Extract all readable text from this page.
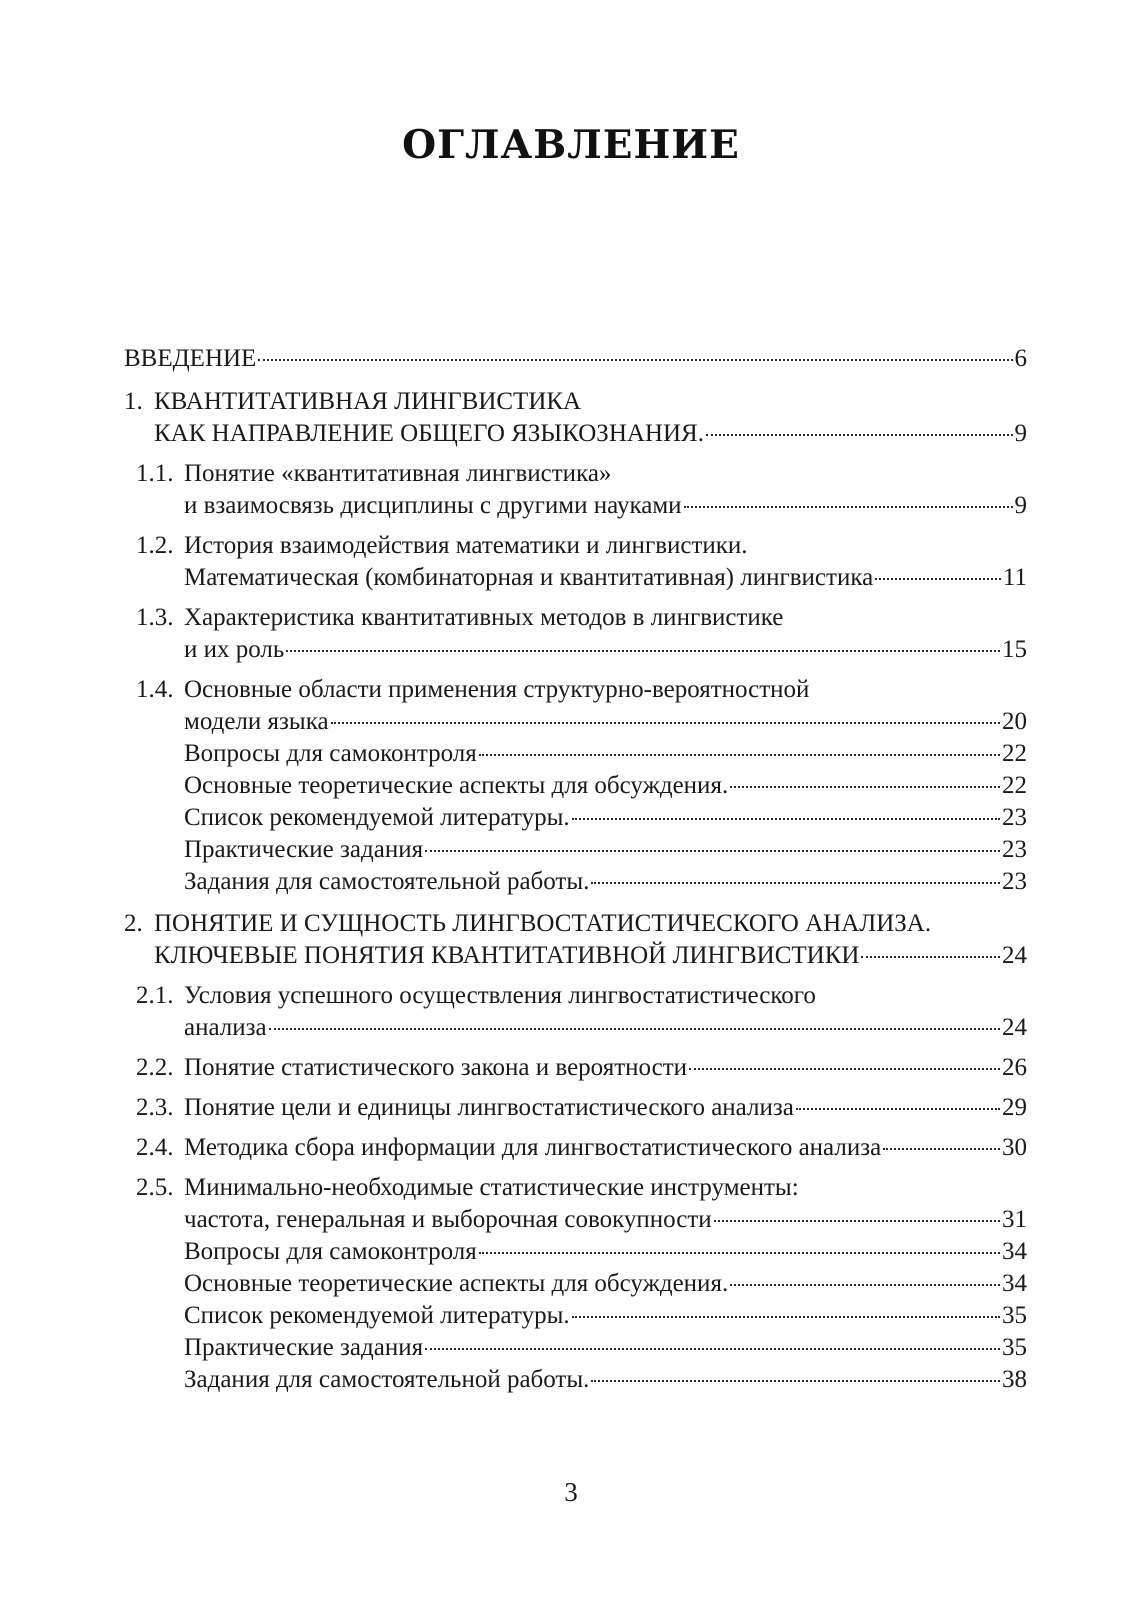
ОГЛАВЛЕНИЕ
ВВЕДЕНИЕ	6
1. КВАНТИТАТИВНАЯ ЛИНГВИСТИКА
КАК НАПРАВЛЕНИЕ ОБЩЕГО ЯЗЫКОЗНАНИЯ.	9
1.1. Понятие «квантитативная лингвистика»
и взаимосвязь дисциплины с другими науками	9
1.2. История взаимодействия математики и лингвистики.
Математическая (комбинаторная и квантитативная) лингвистика	11
1.3. Характеристика квантитативных методов в лингвистике
и их роль	15
1.4. Основные области применения структурно-вероятностной
модели языка	20
Вопросы для самоконтроля	22
Основные теоретические аспекты для обсуждения.	22
Список рекомендуемой литературы.	23
Практические задания	23
Задания для самостоятельной работы.	23
2. ПОНЯТИЕ И СУЩНОСТЬ ЛИНГВОСТАТИСТИЧЕСКОГО АНАЛИЗА.
КЛЮЧЕВЫЕ ПОНЯТИЯ КВАНТИТАТИВНОЙ ЛИНГВИСТИКИ	24
2.1. Условия успешного осуществления лингвостатистического
анализа	24
2.2. Понятие статистического закона и вероятности	26
2.3. Понятие цели и единицы лингвостатистического анализа	29
2.4. Методика сбора информации для лингвостатистического анализа	30
2.5. Минимально-необходимые статистические инструменты:
частота, генеральная и выборочная совокупности	31
Вопросы для самоконтроля	34
Основные теоретические аспекты для обсуждения.	34
Список рекомендуемой литературы.	35
Практические задания	35
Задания для самостоятельной работы.	38
3
